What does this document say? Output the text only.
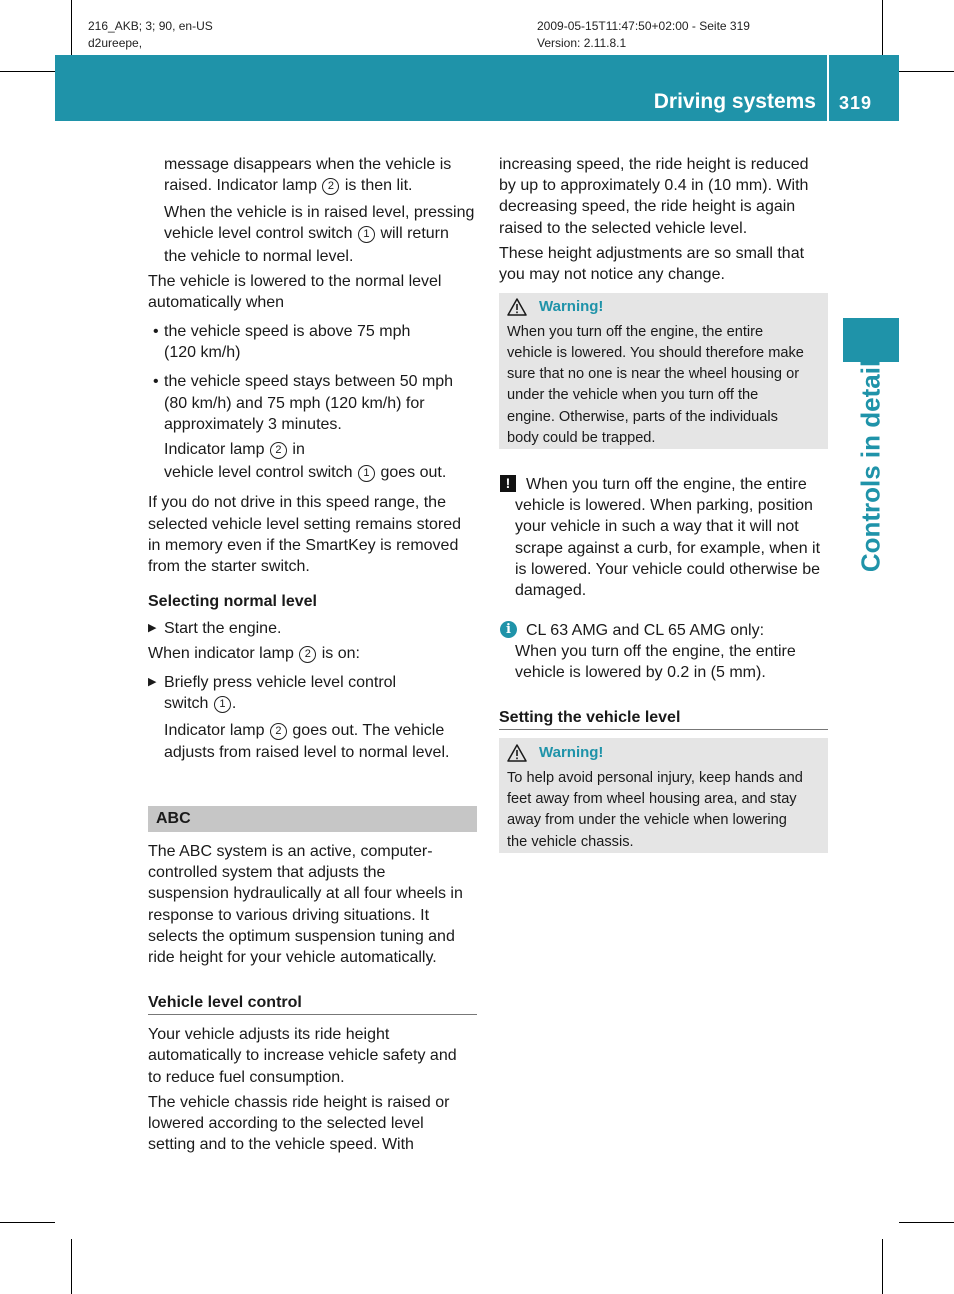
216_AKB; 3; 90, en-US
d2ureepe,
2009-05-15T11:47:50+02:00 - Seite 319
Version: 2.11.8.1
Driving systems 319
Controls in detail
message disappears when the vehicle is
raised. Indicator lamp 2 is then lit.
When the vehicle is in raised level, pressing
vehicle level control switch 1 will return
the vehicle to normal level.
The vehicle is lowered to the normal level
automatically when
• the vehicle speed is above 75 mph
(120 km/h)
• the vehicle speed stays between 50 mph
(80 km/h) and 75 mph (120 km/h) for
approximately 3 minutes.
Indicator lamp 2 in
vehicle level control switch 1 goes out.
If you do not drive in this speed range, the
selected vehicle level setting remains stored
in memory even if the SmartKey is removed
from the starter switch.
Selecting normal level
▶ Start the engine.
When indicator lamp 2 is on:
▶ Briefly press vehicle level control
switch 1 .
Indicator lamp 2 goes out. The vehicle
adjusts from raised level to normal level.
ABC
The ABC system is an active, computer-
controlled system that adjusts the
suspension hydraulically at all four wheels in
response to various driving situations. It
selects the optimum suspension tuning and
ride height for your vehicle automatically.
Vehicle level control
Your vehicle adjusts its ride height
automatically to increase vehicle safety and
to reduce fuel consumption.
The vehicle chassis ride height is raised or
lowered according to the selected level
setting and to the vehicle speed. With
increasing speed, the ride height is reduced
by up to approximately 0.4 in (10 mm). With
decreasing speed, the ride height is again
raised to the selected vehicle level.
These height adjustments are so small that
you may not notice any change.
Warning!
When you turn off the engine, the entire
vehicle is lowered. You should therefore make
sure that no one is near the wheel housing or
under the vehicle when you turn off the
engine. Otherwise, parts of the individuals
body could be trapped.
! When you turn off the engine, the entire
vehicle is lowered. When parking, position
your vehicle in such a way that it will not
scrape against a curb, for example, when it
is lowered. Your vehicle could otherwise be
damaged.
i CL 63 AMG and CL 65 AMG only:
When you turn off the engine, the entire
vehicle is lowered by 0.2 in (5 mm).
Setting the vehicle level
Warning!
To help avoid personal injury, keep hands and
feet away from wheel housing area, and stay
away from under the vehicle when lowering
the vehicle chassis.
